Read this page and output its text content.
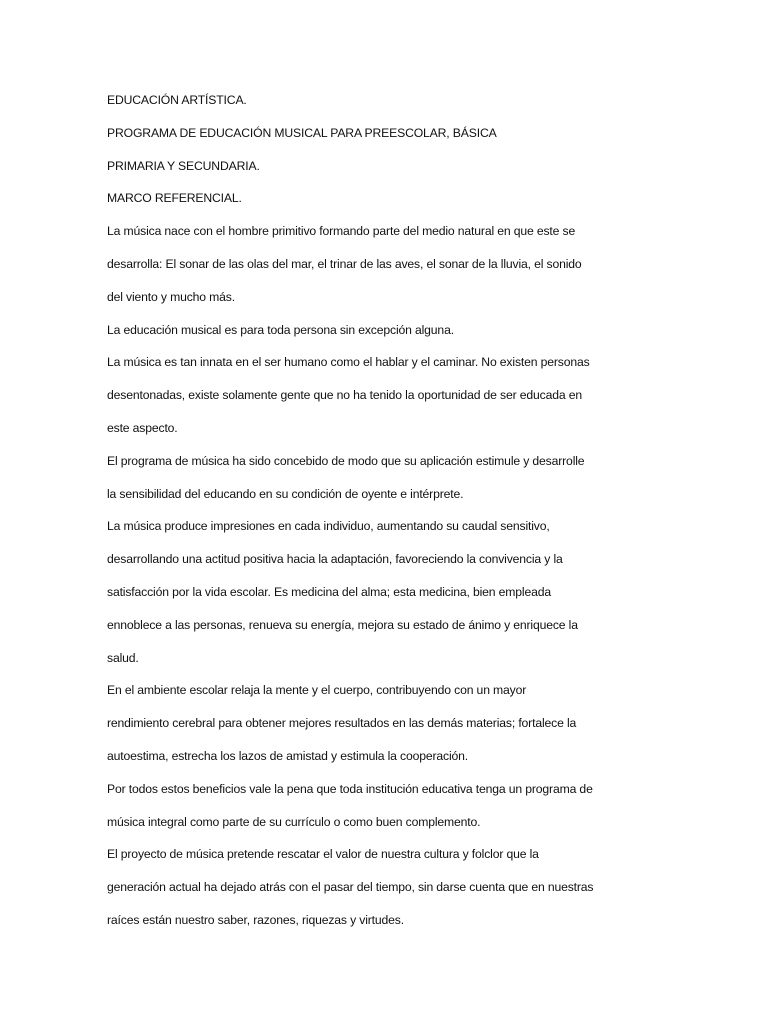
EDUCACIÓN ARTÍSTICA.

PROGRAMA DE EDUCACIÓN MUSICAL PARA PREESCOLAR, BÁSICA

PRIMARIA Y SECUNDARIA.

MARCO REFERENCIAL.

La música nace con el hombre primitivo formando parte del medio natural en que este se

desarrolla: El sonar de las olas del mar, el trinar de las aves, el sonar de la lluvia, el sonido

del viento y mucho más.

La educación musical es para toda persona sin excepción alguna.

La música es tan innata en el ser humano como el hablar y el caminar. No existen personas

desentonadas, existe solamente gente que no ha tenido la oportunidad de ser educada en

este aspecto.

El programa de música ha sido concebido de modo que su aplicación estimule y desarrolle

la sensibilidad del educando en su condición de oyente e intérprete.

La música produce impresiones en cada individuo, aumentando su caudal sensitivo,

desarrollando una actitud positiva hacia la adaptación, favoreciendo la convivencia y la

satisfacción por la vida escolar. Es medicina del alma; esta medicina, bien empleada

ennoblece a las personas, renueva su energía, mejora su estado de ánimo y enriquece la

salud.

En el ambiente escolar relaja la mente y el cuerpo, contribuyendo con un mayor

rendimiento cerebral para obtener mejores resultados en las demás materias; fortalece la

autoestima, estrecha los lazos de amistad y estimula la cooperación.

Por todos estos beneficios vale la pena que toda institución educativa tenga un programa de

música integral como parte de su currículo o como buen complemento.

El proyecto de música pretende rescatar el valor de nuestra cultura y folclor que la

generación actual ha dejado atrás con el pasar del tiempo, sin darse cuenta que en nuestras

raíces están nuestro saber, razones, riquezas y virtudes.
